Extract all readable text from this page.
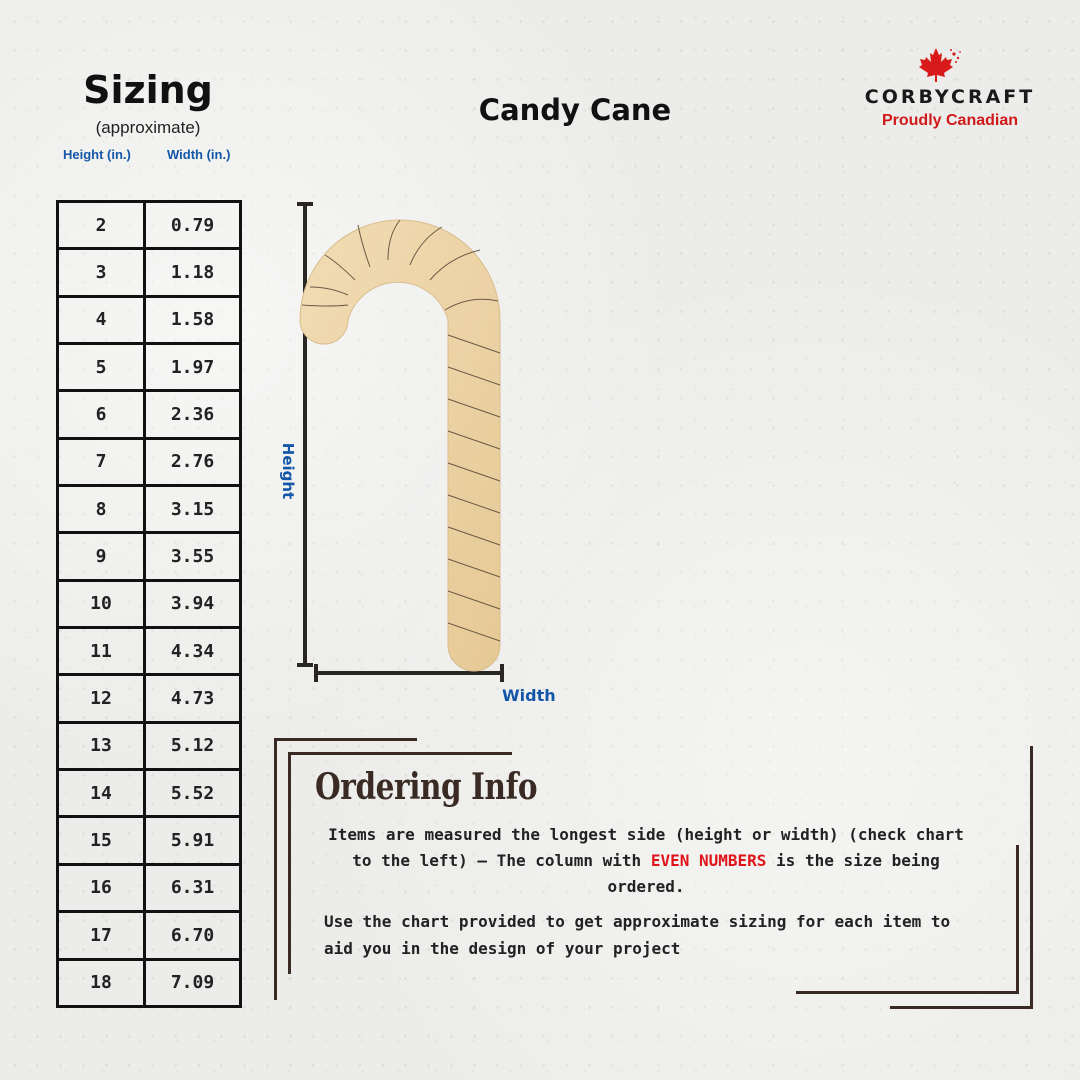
Sizing
(approximate)
Height (in.)	Width (in.)
2	0.79
3	1.18
4	1.58
5	1.97
6	2.36
7	2.76
8	3.15
9	3.55
10	3.94
11	4.34
12	4.73
13	5.12
14	5.52
15	5.91
16	6.31
17	6.70
18	7.09
Candy Cane	CORBYCRAFT
Proudly Canadian
Height
Width
Ordering Info
Items are measured the longest side (height or width) (check chart to the left) – The column with EVEN NUMBERS is the size being ordered.
Use the chart provided to get approximate sizing for each item to aid you in the design of your project
